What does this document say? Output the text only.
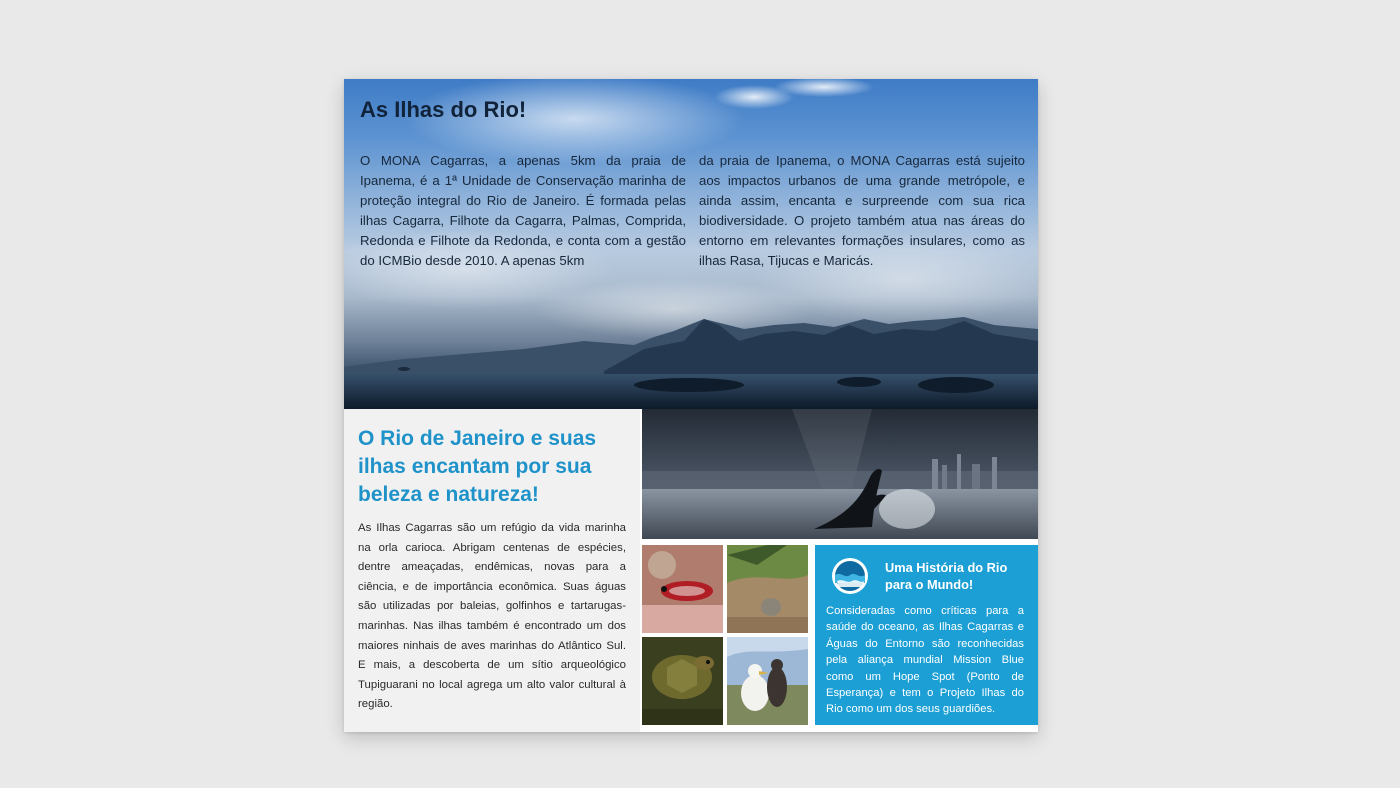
As Ilhas do Rio!

O MONA Cagarras, a apenas 5km da praia de Ipanema, é a 1ª Unidade de Conservação marinha de proteção integral do Rio de Janeiro. É formada pelas ilhas Cagarra, Filhote da Cagarra, Palmas, Comprida, Redonda e Filhote da Redonda, e conta com a gestão do ICMBio desde 2010. A apenas 5km

da praia de Ipanema, o MONA Cagarras está sujeito aos impactos urbanos de uma grande metrópole, e ainda assim, encanta e surpreende com sua rica biodiversidade. O projeto também atua nas áreas do entorno em relevantes formações insulares, como as ilhas Rasa, Tijucas e Maricás.

O Rio de Janeiro e suas ilhas encantam por sua beleza e natureza!

As Ilhas Cagarras são um refúgio da vida marinha na orla carioca. Abrigam centenas de espécies, dentre ameaçadas, endêmicas, novas para a ciência, e de importância econômica. Suas águas são utilizadas por baleias, golfinhos e tartarugas-marinhas. Nas ilhas também é encontrado um dos maiores ninhais de aves marinhas do Atlântico Sul. E mais, a descoberta de um sítio arqueológico Tupiguarani no local agrega um alto valor cultural à região.

Uma História do Rio para o Mundo!

Consideradas como críticas para a saúde do oceano, as Ilhas Cagarras e Águas do Entorno são reconhecidas pela aliança mundial Mission Blue como um Hope Spot (Ponto de Esperança) e tem o Projeto Ilhas do Rio como um dos seus guardiões.
